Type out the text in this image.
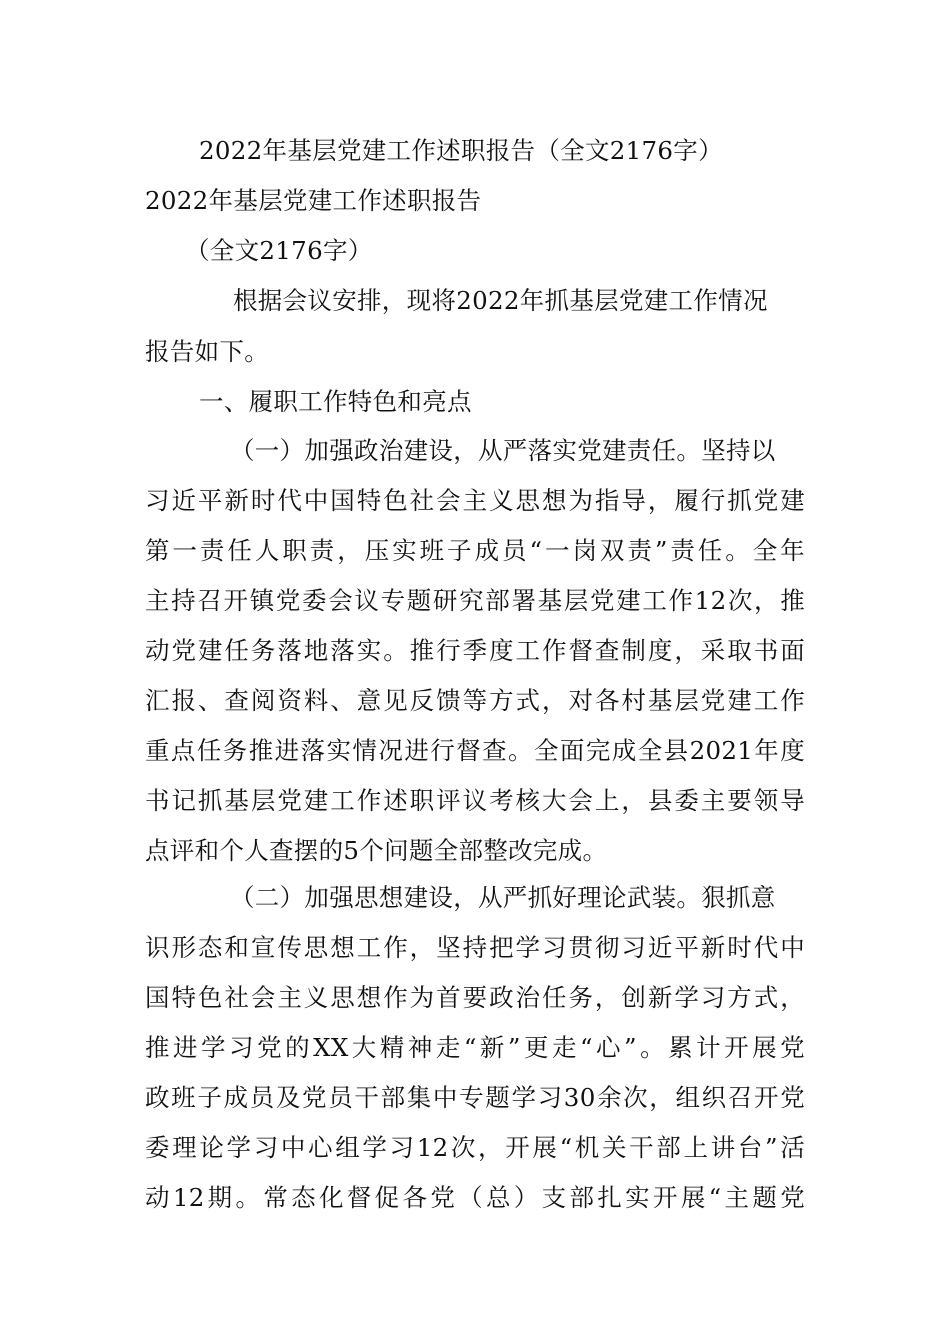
2022年基层党建工作述职报告（全文2176字）
2022年基层党建工作述职报告
（全文2176字）
根据会议安排，现将2022年抓基层党建工作情况
报告如下。
一、履职工作特色和亮点
（一）加强政治建设，从严落实党建责任。坚持以
习近平新时代中国特色社会主义思想为指导，履行抓党建
第一责任人职责，压实班子成员“一岗双责”责任。全年
主持召开镇党委会议专题研究部署基层党建工作12次，推
动党建任务落地落实。推行季度工作督查制度，采取书面
汇报、查阅资料、意见反馈等方式，对各村基层党建工作
重点任务推进落实情况进行督查。全面完成全县2021年度
书记抓基层党建工作述职评议考核大会上，县委主要领导
点评和个人查摆的5个问题全部整改完成。
（二）加强思想建设，从严抓好理论武装。狠抓意
识形态和宣传思想工作，坚持把学习贯彻习近平新时代中
国特色社会主义思想作为首要政治任务，创新学习方式，
推进学习党的XX大精神走“新”更走“心”。累计开展党
政班子成员及党员干部集中专题学习30余次，组织召开党
委理论学习中心组学习12次，开展“机关干部上讲台”活
动12期。常态化督促各党（总）支部扎实开展“主题党
